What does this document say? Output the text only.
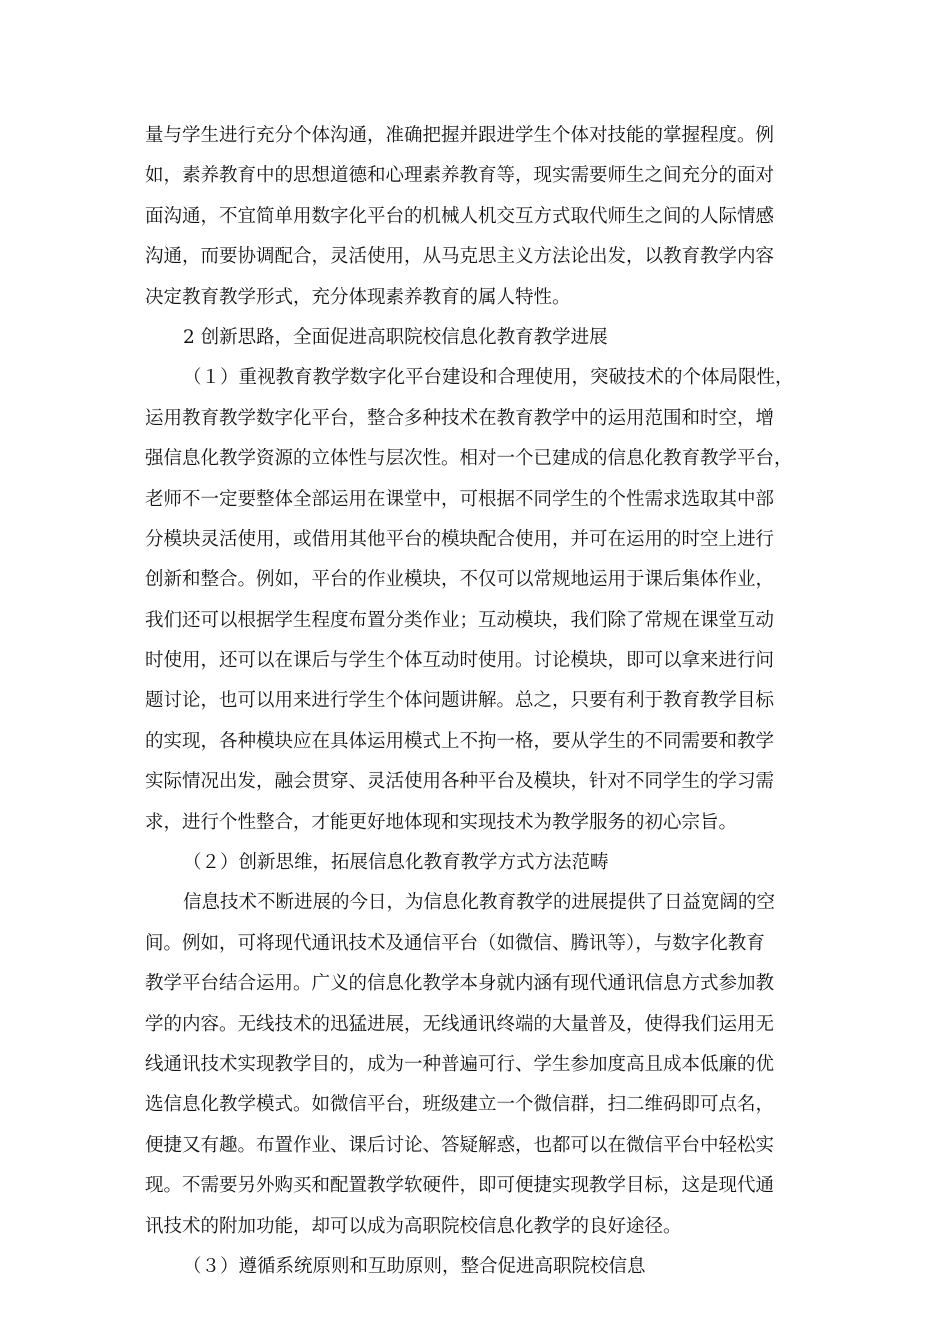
量与学生进行充分个体沟通，准确把握并跟进学生个体对技能的掌握程度。例
如，素养教育中的思想道德和心理素养教育等，现实需要师生之间充分的面对
面沟通，不宜简单用数字化平台的机械人机交互方式取代师生之间的人际情感
沟通，而要协调配合，灵活使用，从马克思主义方法论出发，以教育教学内容
决定教育教学形式，充分体现素养教育的属人特性。
2 创新思路，全面促进高职院校信息化教育教学进展
（１）重视教育教学数字化平台建设和合理使用，突破技术的个体局限性，
运用教育教学数字化平台，整合多种技术在教育教学中的运用范围和时空，增
强信息化教学资源的立体性与层次性。相对一个已建成的信息化教育教学平台，
老师不一定要整体全部运用在课堂中，可根据不同学生的个性需求选取其中部
分模块灵活使用，或借用其他平台的模块配合使用，并可在运用的时空上进行
创新和整合。例如，平台的作业模块，不仅可以常规地运用于课后集体作业，
我们还可以根据学生程度布置分类作业；互动模块，我们除了常规在课堂互动
时使用，还可以在课后与学生个体互动时使用。讨论模块，即可以拿来进行问
题讨论，也可以用来进行学生个体问题讲解。总之，只要有利于教育教学目标
的实现，各种模块应在具体运用模式上不拘一格，要从学生的不同需要和教学
实际情况出发，融会贯穿、灵活使用各种平台及模块，针对不同学生的学习需
求，进行个性整合，才能更好地体现和实现技术为教学服务的初心宗旨。
（２）创新思维，拓展信息化教育教学方式方法范畴
信息技术不断进展的今日，为信息化教育教学的进展提供了日益宽阔的空
间。例如，可将现代通讯技术及通信平台（如微信、腾讯等），与数字化教育
教学平台结合运用。广义的信息化教学本身就内涵有现代通讯信息方式参加教
学的内容。无线技术的迅猛进展，无线通讯终端的大量普及，使得我们运用无
线通讯技术实现教学目的，成为一种普遍可行、学生参加度高且成本低廉的优
选信息化教学模式。如微信平台，班级建立一个微信群，扫二维码即可点名，
便捷又有趣。布置作业、课后讨论、答疑解惑，也都可以在微信平台中轻松实
现。不需要另外购买和配置教学软硬件，即可便捷实现教学目标，这是现代通
讯技术的附加功能，却可以成为高职院校信息化教学的良好途径。
（３）遵循系统原则和互助原则，整合促进高职院校信息
